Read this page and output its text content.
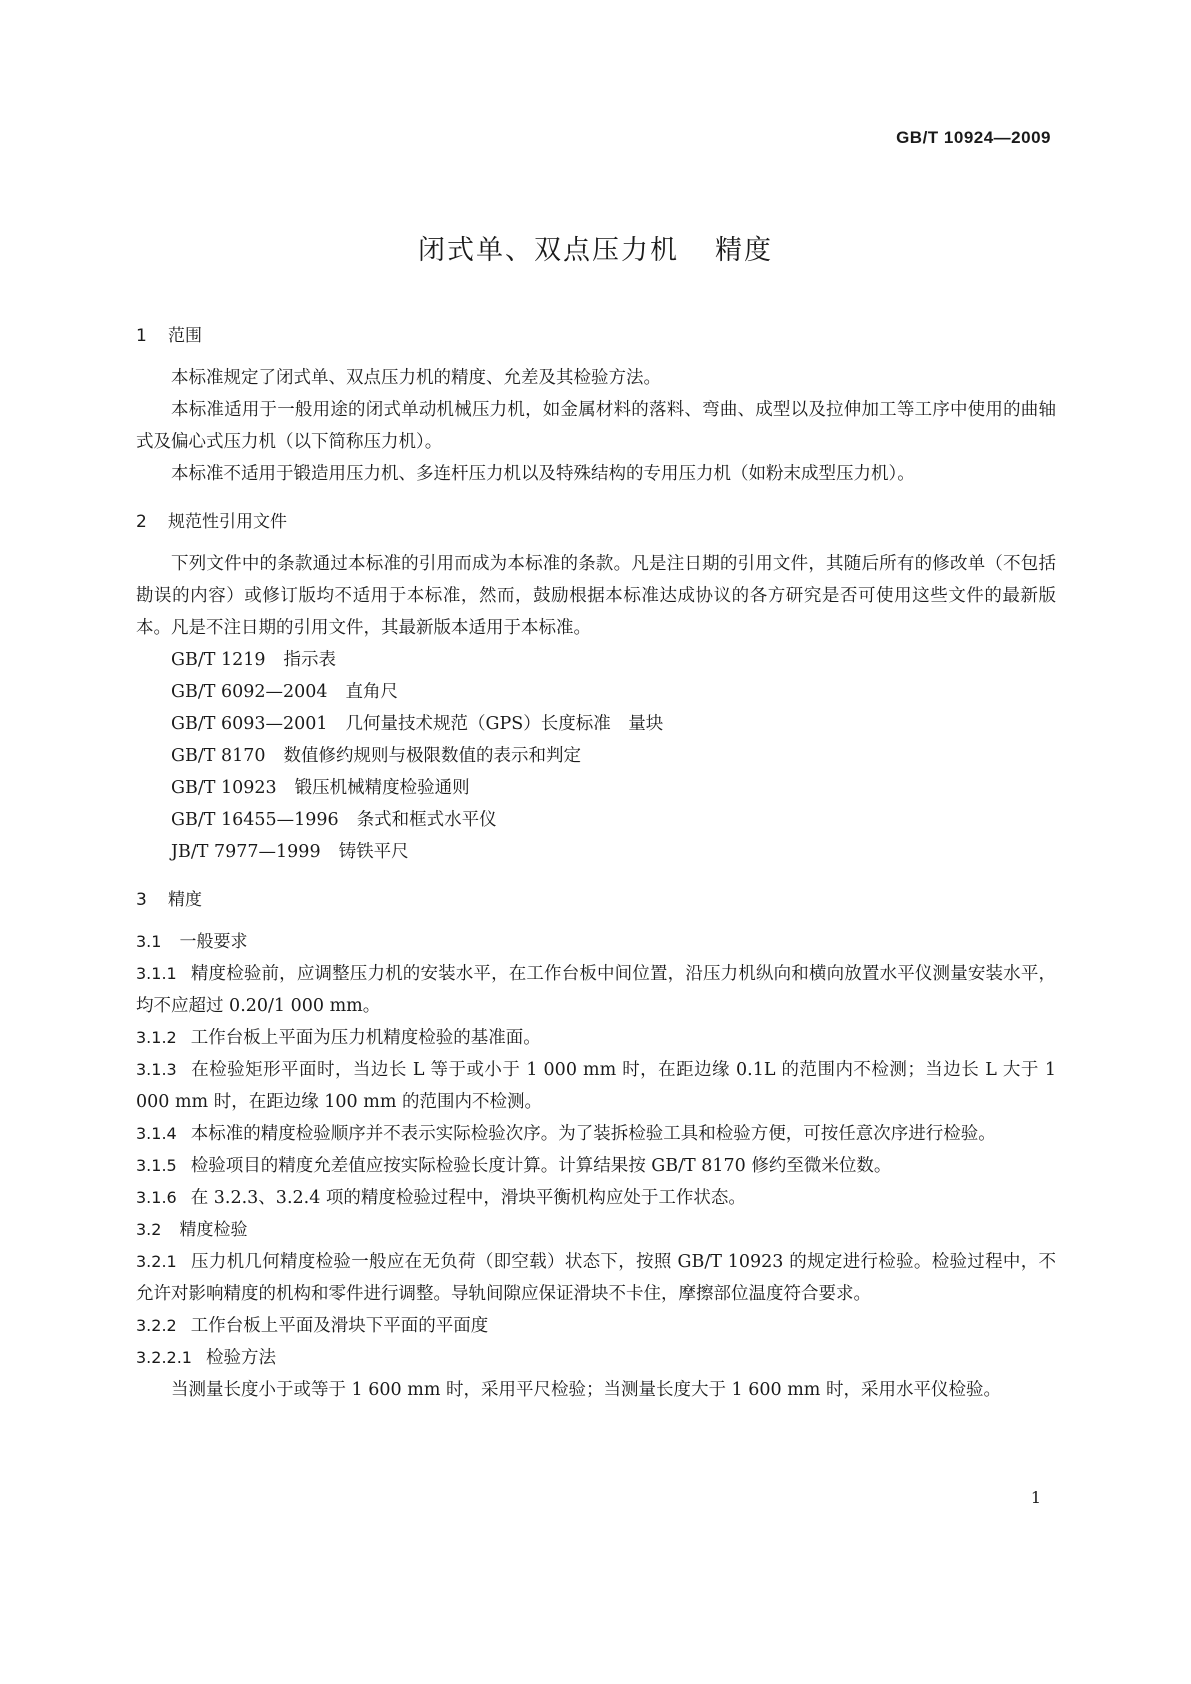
GB/T 10924—2009
闭式单、双点压力机 精度
1 范围

本标准规定了闭式单、双点压力机的精度、允差及其检验方法。

本标准适用于一般用途的闭式单动机械压力机，如金属材料的落料、弯曲、成型以及拉伸加工等工序中使用的曲轴式及偏心式压力机（以下简称压力机）。

本标准不适用于锻造用压力机、多连杆压力机以及特殊结构的专用压力机（如粉末成型压力机）。

2 规范性引用文件

下列文件中的条款通过本标准的引用而成为本标准的条款。凡是注日期的引用文件，其随后所有的修改单（不包括勘误的内容）或修订版均不适用于本标准，然而，鼓励根据本标准达成协议的各方研究是否可使用这些文件的最新版本。凡是不注日期的引用文件，其最新版本适用于本标准。

GB/T 1219 指示表

GB/T 6092—2004 直角尺

GB/T 6093—2001 几何量技术规范（GPS）长度标准　量块

GB/T 8170 数值修约规则与极限数值的表示和判定

GB/T 10923 锻压机械精度检验通则

GB/T 16455—1996 条式和框式水平仪

JB/T 7977—1999 铸铁平尺

3 精度

3.1 一般要求

3.1.1 精度检验前，应调整压力机的安装水平，在工作台板中间位置，沿压力机纵向和横向放置水平仪测量安装水平，均不应超过 0.20/1 000 mm。

3.1.2 工作台板上平面为压力机精度检验的基准面。

3.1.3 在检验矩形平面时，当边长 L 等于或小于 1 000 mm 时，在距边缘 0.1L 的范围内不检测；当边长 L 大于 1 000 mm 时，在距边缘 100 mm 的范围内不检测。

3.1.4 本标准的精度检验顺序并不表示实际检验次序。为了装拆检验工具和检验方便，可按任意次序进行检验。

3.1.5 检验项目的精度允差值应按实际检验长度计算。计算结果按 GB/T 8170 修约至微米位数。

3.1.6 在 3.2.3、3.2.4 项的精度检验过程中，滑块平衡机构应处于工作状态。

3.2 精度检验

3.2.1 压力机几何精度检验一般应在无负荷（即空载）状态下，按照 GB/T 10923 的规定进行检验。检验过程中，不允许对影响精度的机构和零件进行调整。导轨间隙应保证滑块不卡住，摩擦部位温度符合要求。

3.2.2 工作台板上平面及滑块下平面的平面度

3.2.2.1 检验方法

当测量长度小于或等于 1 600 mm 时，采用平尺检验；当测量长度大于 1 600 mm 时，采用水平仪检验。

1
